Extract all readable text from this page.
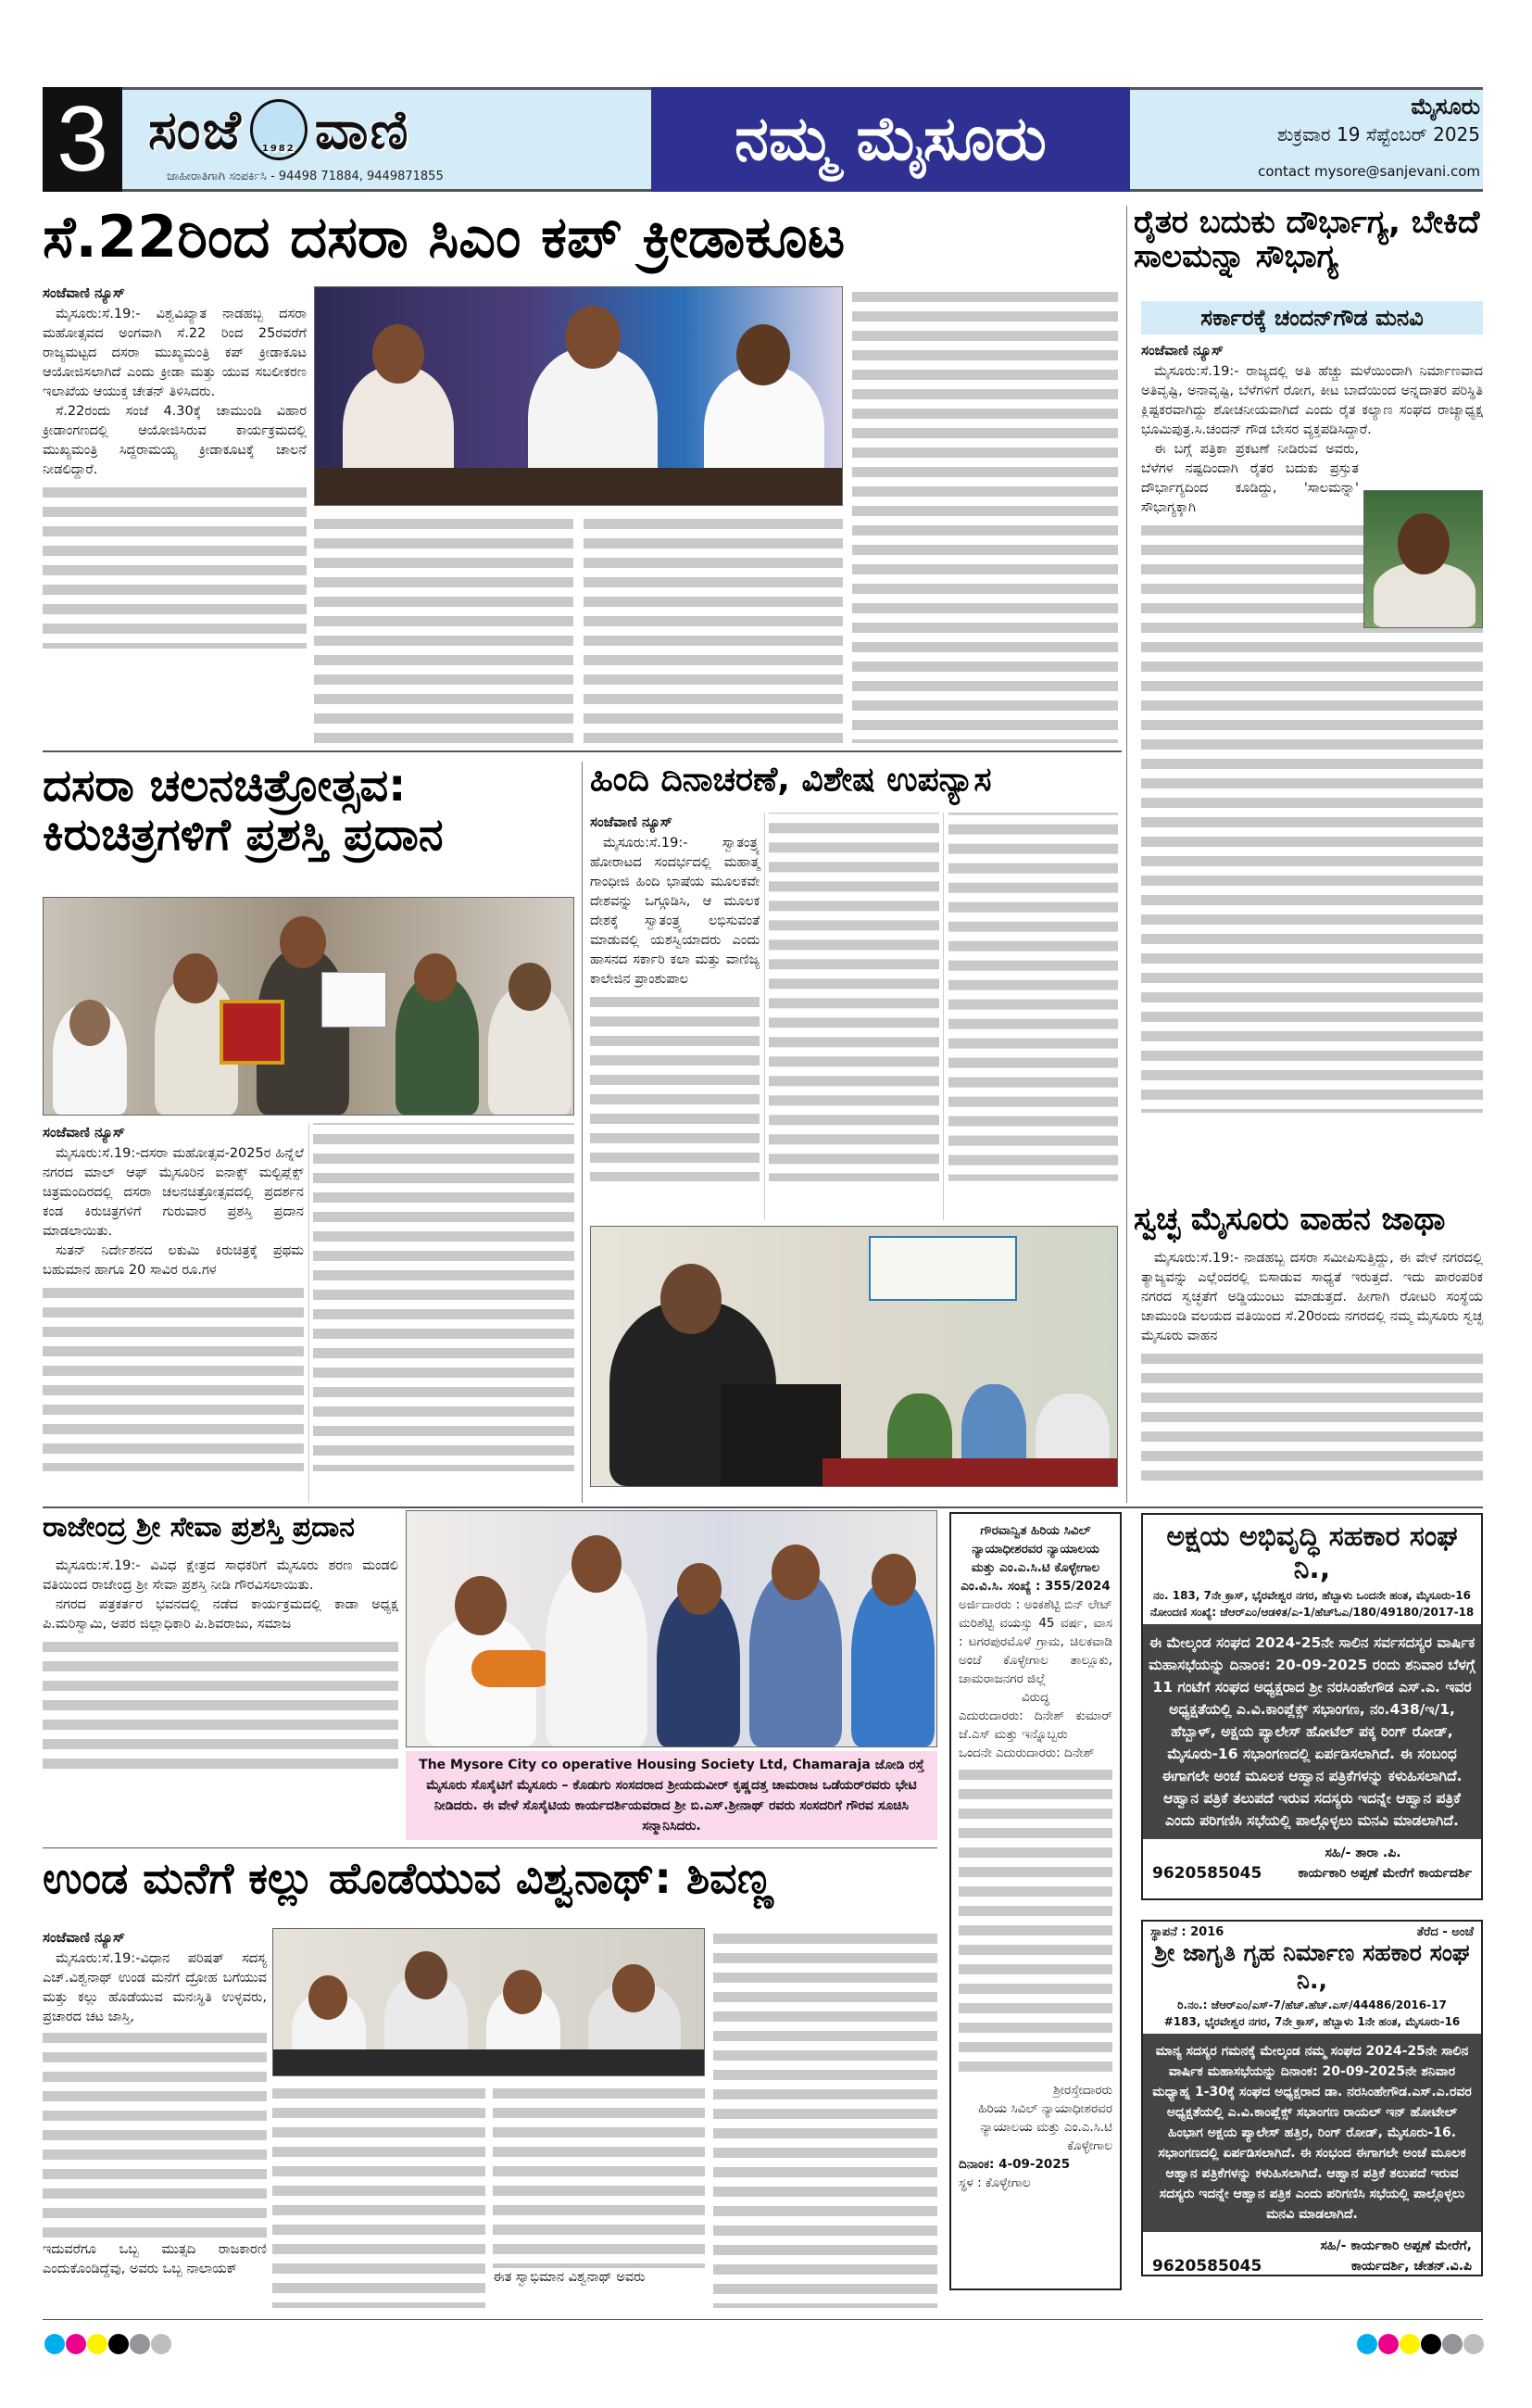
3 ಸಂಜೆ 1982 ವಾಣಿ
ಜಾಹೀರಾತಿಗಾಗಿ ಸಂಪರ್ಕಿಸಿ - 94498 71884, 9449871855
ನಮ್ಮ ಮೈಸೂರು	ಮೈಸೂರು
ಶುಕ್ರವಾರ 19 ಸೆಪ್ಟೆಂಬರ್ 2025
contact mysore@sanjevani.com
ಸೆ.22ರಿಂದ ದಸರಾ ಸಿಎಂ ಕಪ್ ಕ್ರೀಡಾಕೂಟ
ಸಂಜೆವಾಣಿ ನ್ಯೂಸ್

ಮೈಸೂರು:ಸೆ.19:- ವಿಶ್ವವಿಖ್ಯಾತ ನಾಡಹಬ್ಬ ದಸರಾ ಮಹೋತ್ಸವದ ಅಂಗವಾಗಿ ಸೆ.22 ರಿಂದ 25ರವರೆಗೆ ರಾಜ್ಯಮಟ್ಟದ ದಸರಾ ಮುಖ್ಯಮಂತ್ರಿ ಕಪ್ ಕ್ರೀಡಾಕೂಟ ಆಯೋಜಿಸಲಾಗಿದೆ ಎಂದು ಕ್ರೀಡಾ ಮತ್ತು ಯುವ ಸಬಲೀಕರಣ ಇಲಾಖೆಯ ಆಯುಕ್ತ ಚೇತನ್ ತಿಳಿಸಿದರು.

ಸೆ.22ರಂದು ಸಂಜೆ 4.30ಕ್ಕೆ ಚಾಮುಂಡಿ ವಿಹಾರ ಕ್ರೀಡಾಂಗಣದಲ್ಲಿ ಆಯೋಜಿಸಿರುವ ಕಾರ್ಯಕ್ರಮದಲ್ಲಿ ಮುಖ್ಯಮಂತ್ರಿ ಸಿದ್ದರಾಮಯ್ಯ ಕ್ರೀಡಾಕೂಟಕ್ಕೆ ಚಾಲನೆ ನೀಡಲಿದ್ದಾರೆ.

ರೈತರ ಬದುಕು ದೌರ್ಭಾಗ್ಯ, ಬೇಕಿದೆ ಸಾಲಮನ್ನಾ ಸೌಭಾಗ್ಯ
ಸರ್ಕಾರಕ್ಕೆ ಚಂದನ್‌ಗೌಡ ಮನವಿ
ಸಂಜೆವಾಣಿ ನ್ಯೂಸ್

ಮೈಸೂರು:ಸೆ.19:- ರಾಜ್ಯದಲ್ಲಿ ಅತಿ ಹೆಚ್ಚು ಮಳೆಯಿಂದಾಗಿ ನಿರ್ಮಾಣವಾದ ಅತಿವೃಷ್ಟಿ, ಅನಾವೃಷ್ಟಿ, ಬೆಳೆಗಳಿಗೆ ರೋಗ, ಕೀಟ ಬಾದೆಯಿಂದ ಅನ್ನದಾತರ ಪರಿಸ್ಥಿತಿ ಕ್ಲಿಷ್ಟಕರವಾಗಿದ್ದು ಶೋಚನೀಯವಾಗಿದೆ ಎಂದು ರೈತ ಕಲ್ಯಾಣ ಸಂಘದ ರಾಜ್ಯಾಧ್ಯಕ್ಷ ಭೂಮಿಪುತ್ರ.ಸಿ.ಚಂದನ್ ಗೌಡ ಬೇಸರ ವ್ಯಕ್ತಪಡಿಸಿದ್ದಾರೆ.

ಈ ಬಗ್ಗೆ ಪತ್ರಿಕಾ ಪ್ರಕಟಣೆ ನೀಡಿರುವ ಅವರು, ಬೆಳೆಗಳ ನಷ್ಟದಿಂದಾಗಿ ರೈತರ ಬದುಕು ಪ್ರಸ್ತುತ ದೌರ್ಭಾಗ್ಯದಿಂದ ಕೂಡಿದ್ದು, 'ಸಾಲಮನ್ನಾ' ಸೌಭಾಗ್ಯಕ್ಕಾಗಿ

ದಸರಾ ಚಲನಚಿತ್ರೋತ್ಸವ:
ಕಿರುಚಿತ್ರಗಳಿಗೆ ಪ್ರಶಸ್ತಿ ಪ್ರದಾನ
ಸಂಜೆವಾಣಿ ನ್ಯೂಸ್

ಮೈಸೂರು:ಸೆ.19:-ದಸರಾ ಮಹೋತ್ಸವ-2025ರ ಹಿನ್ನೆಲೆ ನಗರದ ಮಾಲ್ ಆಫ್ ಮೈಸೂರಿನ ಐನಾಕ್ಸ್ ಮಲ್ಟಿಪ್ಲೆಕ್ಸ್ ಚಿತ್ರಮಂದಿರದಲ್ಲಿ ದಸರಾ ಚಲನಚಿತ್ರೋತ್ಸವದಲ್ಲಿ ಪ್ರದರ್ಶನ ಕಂಡ ಕಿರುಚಿತ್ರಗಳಿಗೆ ಗುರುವಾರ ಪ್ರಶಸ್ತಿ ಪ್ರದಾನ ಮಾಡಲಾಯಿತು.

ಸುತನ್ ನಿರ್ದೇಶನದ ಲಕುಮಿ ಕಿರುಚಿತ್ರಕ್ಕೆ ಪ್ರಥಮ ಬಹುಮಾನ ಹಾಗೂ 20 ಸಾವಿರ ರೂ.ಗಳ

ಹಿಂದಿ ದಿನಾಚರಣೆ, ವಿಶೇಷ ಉಪನ್ಯಾಸ
ಸಂಜೆವಾಣಿ ನ್ಯೂಸ್

ಮೈಸೂರು:ಸೆ.19:- ಸ್ವಾತಂತ್ರ್ಯ ಹೋರಾಟದ ಸಂದರ್ಭದಲ್ಲಿ ಮಹಾತ್ಮ ಗಾಂಧೀಜಿ ಹಿಂದಿ ಭಾಷೆಯ ಮೂಲಕವೇ ದೇಶವನ್ನು ಒಗ್ಗೂಡಿಸಿ, ಆ ಮೂಲಕ ದೇಶಕ್ಕೆ ಸ್ವಾತಂತ್ರ್ಯ ಲಭಿಸುವಂತೆ ಮಾಡುವಲ್ಲಿ ಯಶಸ್ವಿಯಾದರು ಎಂದು ಹಾಸನದ ಸರ್ಕಾರಿ ಕಲಾ ಮತ್ತು ವಾಣಿಜ್ಯ ಕಾಲೇಜಿನ ಪ್ರಾಂಶುಪಾಲ

ಸ್ವಚ್ಛ ಮೈಸೂರು ವಾಹನ ಜಾಥಾ

ಮೈಸೂರು:ಸೆ.19:- ನಾಡಹಬ್ಬ ದಸರಾ ಸಮೀಪಿಸುತ್ತಿದ್ದು, ಈ ವೇಳೆ ನಗರದಲ್ಲಿ ತ್ಯಾಜ್ಯವನ್ನು ಎಲ್ಲೆಂದರಲ್ಲಿ ಬಿಸಾಡುವ ಸಾಧ್ಯತೆ ಇರುತ್ತದೆ. ಇದು ಪಾರಂಪರಿಕ ನಗರದ ಸ್ವಚ್ಛತೆಗೆ ಅಡ್ಡಿಯುಂಟು ಮಾಡುತ್ತದೆ. ಹೀಗಾಗಿ ರೋಟರಿ ಸಂಸ್ಥೆಯ ಚಾಮುಂಡಿ ವಲಯದ ವತಿಯಿಂದ ಸೆ.20ರಂದು ನಗರದಲ್ಲಿ ನಮ್ಮ ಮೈಸೂರು ಸ್ವಚ್ಛ ಮೈಸೂರು ವಾಹನ

ರಾಜೇಂದ್ರ ಶ್ರೀ ಸೇವಾ ಪ್ರಶಸ್ತಿ ಪ್ರದಾನ

ಮೈಸೂರು:ಸೆ.19:- ವಿವಿಧ ಕ್ಷೇತ್ರದ ಸಾಧಕರಿಗೆ ಮೈಸೂರು ಶರಣ ಮಂಡಲಿ ವತಿಯಿಂದ ರಾಜೇಂದ್ರ ಶ್ರೀ ಸೇವಾ ಪ್ರಶಸ್ತಿ ನೀಡಿ ಗೌರವಿಸಲಾಯಿತು.

ನಗರದ ಪತ್ರಕರ್ತರ ಭವನದಲ್ಲಿ ನಡೆದ ಕಾರ್ಯಕ್ರಮದಲ್ಲಿ ಕಾಡಾ ಅಧ್ಯಕ್ಷ ಪಿ.ಮರಿಸ್ವಾಮಿ, ಅಪರ ಜಿಲ್ಲಾಧಿಕಾರಿ ಪಿ.ಶಿವರಾಜು, ಸಮಾಜ

The Mysore City co operative Housing Society Ltd, Chamaraja ಜೋಡಿ ರಸ್ತೆ ಮೈಸೂರು ಸೊಸೈಟಿಗೆ ಮೈಸೂರು – ಕೊಡುಗು ಸಂಸದರಾದ ಶ್ರೀಯದುವೀರ್ ಕೃಷ್ಣದತ್ತ ಚಾಮರಾಜ ಒಡೆಯರ್‌ರವರು ಭೇಟಿ ನೀಡಿದರು. ಈ ವೇಳೆ ಸೊಸೈಟಿಯ ಕಾರ್ಯದರ್ಶಿಯವರಾದ ಶ್ರೀ ಬಿ.ಎಸ್.ಶ್ರೀನಾಥ್ ರವರು ಸಂಸದರಿಗೆ ಗೌರವ ಸೂಚಿಸಿ ಸನ್ಮಾನಿಸಿದರು.
ಗೌರವಾನ್ವಿತ ಹಿರಿಯ ಸಿವಿಲ್ ನ್ಯಾಯಾಧೀಶರವರ ನ್ಯಾಯಾಲಯ ಮತ್ತು ಎಂ.ಎ.ಸಿ.ಟಿ ಕೊಳ್ಳೇಗಾಲ
ಎಂ.ವಿ.ಸಿ. ಸಂಖ್ಯೆ : 355/2024
ಅರ್ಜಿದಾರರು : ಅಂಕಶೆಟ್ಟಿ ಬಿನ್ ಲೇಟ್ ಮರಿಶೆಟ್ಟಿ ವಯಸ್ಸು 45 ವರ್ಷ, ವಾಸ : ಟಗರಪುರಮೊಳೆ ಗ್ರಾಮ, ಚಿಲಕವಾಡಿ ಅಂಚೆ ಕೊಳ್ಳೇಗಾಲ ತಾಲ್ಲೂಕು, ಚಾಮರಾಜನಗರ ಜಿಲ್ಲೆ
ವಿರುದ್ಧ
ಎದುರುದಾರರು: ದಿನೇಶ್ ಕುಮಾರ್ ಜೆ.ಎಸ್ ಮತ್ತು ಇನ್ನೊಬ್ಬರು
ಒಂದನೇ ಎದುರುದಾರರು: ದಿನೇಶ್
ಶ್ರೀರಸ್ತೇದಾರರು
ಹಿರಿಯ ಸಿವಿಲ್ ನ್ಯಾಯಾಧೀಶರವರ ನ್ಯಾಯಾಲಯ ಮತ್ತು ಎಂ.ಎ.ಸಿ.ಟಿ ಕೊಳ್ಳೇಗಾಲ
ದಿನಾಂಕ: 4-09-2025
ಸ್ಥಳ : ಕೊಳ್ಳೇಗಾಲ
ಅಕ್ಷಯ ಅಭಿವೃದ್ಧಿ ಸಹಕಾರ ಸಂಘ ನಿ.,
ನಂ. 183, 7ನೇ ಕ್ರಾಸ್, ಭೈರವೇಶ್ವರ ನಗರ, ಹೆಬ್ಬಾಳು ಒಂದನೇ ಹಂತ, ಮೈಸೂರು-16
ನೋಂದಣಿ ಸಂಖ್ಯೆ: ಜೆಆರ್‌ಎಂ/ಆಡಳಿತ/ಎ-1/ಹೆಚ್‌ಓಎ/180/49180/2017-18
ಈ ಮೇಲ್ಕಂಡ ಸಂಘದ 2024-25ನೇ ಸಾಲಿನ ಸರ್ವಸದಸ್ಯರ ವಾರ್ಷಿಕ ಮಹಾಸಭೆಯನ್ನು ದಿನಾಂಕ: 20-09-2025 ರಂದು ಶನಿವಾರ ಬೆಳಗ್ಗೆ 11 ಗಂಟೆಗೆ ಸಂಘದ ಅಧ್ಯಕ್ಷರಾದ ಶ್ರೀ ನರಸಿಂಹೇಗೌಡ ಎಸ್.ಎ. ಇವರ ಅಧ್ಯಕ್ಷತೆಯಲ್ಲಿ ಎ.ವಿ.ಕಾಂಪ್ಲೆಕ್ಸ್ ಸಭಾಂಗಣ, ನಂ.438/ಇ/1, ಹೆಬ್ಬಾಳ್, ಅಕ್ಷಯ ಪ್ಯಾಲೇಸ್ ಹೋಟೆಲ್ ಪಕ್ಕ ರಿಂಗ್ ರೋಡ್, ಮೈಸೂರು-16 ಸಭಾಂಗಣದಲ್ಲಿ ಏರ್ಪಡಿಸಲಾಗಿದೆ. ಈ ಸಂಬಂಧ ಈಗಾಗಲೇ ಅಂಚೆ ಮೂಲಕ ಆಹ್ವಾನ ಪತ್ರಿಕೆಗಳನ್ನು ಕಳುಹಿಸಲಾಗಿದೆ. ಆಹ್ವಾನ ಪತ್ರಿಕೆ ತಲುಪದೆ ಇರುವ ಸದಸ್ಯರು ಇದನ್ನೇ ಆಹ್ವಾನ ಪತ್ರಿಕೆ ಎಂದು ಪರಿಗಣಿಸಿ ಸಭೆಯಲ್ಲಿ ಪಾಲ್ಗೊಳ್ಳಲು ಮನವಿ ಮಾಡಲಾಗಿದೆ.
ಸಹಿ/- ತಾರಾ .ಪಿ.
9620585045	ಕಾರ್ಯಕಾರಿ ಅಪ್ಪಣೆ ಮೇರೆಗೆ ಕಾರ್ಯದರ್ಶಿ
ಸ್ಥಾಪನೆ : 2016	ತೆರೆದ - ಅಂಚೆ
ಶ್ರೀ ಜಾಗೃತಿ ಗೃಹ ನಿರ್ಮಾಣ ಸಹಕಾರ ಸಂಘ ನಿ.,
ರಿ.ನಂ.: ಜೆಆರ್‌ಎಂ/ಎಸ್-7/ಹೆಚ್.ಹೆಚ್.ಎಸ್/44486/2016-17
#183, ಭೈರವೇಶ್ವರ ನಗರ, 7ನೇ ಕ್ರಾಸ್, ಹೆಬ್ಬಾಳು 1ನೇ ಹಂತ, ಮೈಸೂರು-16
ಮಾನ್ಯ ಸದಸ್ಯರ ಗಮನಕ್ಕೆ ಮೇಲ್ಕಂಡ ನಮ್ಮ ಸಂಘದ 2024-25ನೇ ಸಾಲಿನ ವಾರ್ಷಿಕ ಮಹಾಸಭೆಯನ್ನು ದಿನಾಂಕ: 20-09-2025ನೇ ಶನಿವಾರ ಮಧ್ಯಾಹ್ನ 1-30ಕ್ಕೆ ಸಂಘದ ಅಧ್ಯಕ್ಷರಾದ ಡಾ. ನರಸಿಂಹೇಗೌಡ.ಎಸ್.ಎ.ರವರ ಅಧ್ಯಕ್ಷತೆಯಲ್ಲಿ ಎ.ವಿ.ಕಾಂಪ್ಲೆಕ್ಸ್ ಸಭಾಂಗಣ ರಾಯಲ್ ಇನ್ ಹೋಟೇಲ್ ಹಿಂಭಾಗ ಅಕ್ಷಯ ಪ್ಯಾಲೇಸ್ ಹತ್ತಿರ, ರಿಂಗ್ ರೋಡ್, ಮೈಸೂರು-16. ಸಭಾಂಗಣದಲ್ಲಿ ಏರ್ಪಡಿಸಲಾಗಿದೆ. ಈ ಸಂಭಂದ ಈಗಾಗಲೇ ಅಂಚೆ ಮೂಲಕ ಆಹ್ವಾನ ಪತ್ರಿಕೆಗಳನ್ನು ಕಳುಹಿಸಲಾಗಿದೆ. ಆಹ್ವಾನ ಪತ್ರಿಕೆ ತಲುಪದೆ ಇರುವ ಸದಸ್ಯರು ಇದನ್ನೇ ಆಹ್ವಾನ ಪತ್ರಿಕ ಎಂದು ಪರಿಗಣಿಸಿ ಸಭೆಯಲ್ಲಿ ಪಾಲ್ಗೊಳ್ಳಲು ಮನವಿ ಮಾಡಲಾಗಿದೆ.
ಸಹಿ/- ಕಾರ್ಯಕಾರಿ ಅಪ್ಪಣೆ ಮೇರೆಗೆ,
9620585045	ಕಾರ್ಯದರ್ಶಿ, ಚೇತನ್.ವಿ.ಪಿ
ಉಂಡ ಮನೆಗೆ ಕಲ್ಲು ಹೊಡೆಯುವ ವಿಶ್ವನಾಥ್: ಶಿವಣ್ಣ
ಸಂಜೆವಾಣಿ ನ್ಯೂಸ್

ಮೈಸೂರು:ಸೆ.19:-ವಿಧಾನ ಪರಿಷತ್ ಸದಸ್ಯ ಎಚ್.ವಿಶ್ವನಾಥ್ ಉಂಡ ಮನೆಗೆ ದ್ರೋಹ ಬಗೆಯುವ ಮತ್ತು ಕಲ್ಲು ಹೊಡೆಯುವ ಮನಃಸ್ಥಿತಿ ಉಳ್ಳವರು, ಪ್ರಚಾರದ ಚಟ ಜಾಸ್ತಿ,

ಇದುವರೆಗೂ ಒಬ್ಬ ಮುತ್ಸದಿ ರಾಜಕಾರಣಿ ಎಂದುಕೊಂಡಿದ್ದೆವು, ಅವರು ಒಬ್ಬ ನಾಲಾಯಕ್

ಈತ ಸ್ವಾಭಿಮಾನ ವಿಶ್ವನಾಥ್ ಅವರು
